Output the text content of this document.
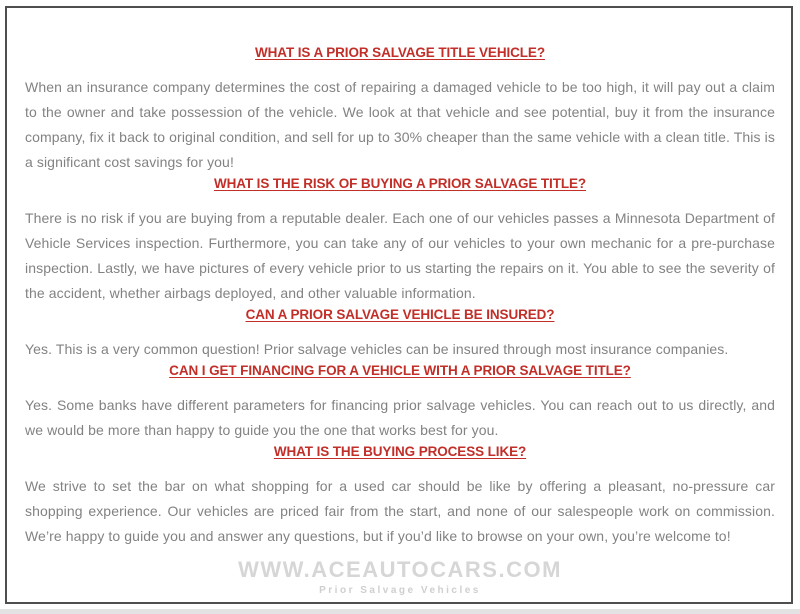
WHAT IS A PRIOR SALVAGE TITLE VEHICLE?

When an insurance company determines the cost of repairing a damaged vehicle to be too high, it will pay out a claim to the owner and take possession of the vehicle. We look at that vehicle and see potential, buy it from the insurance company, fix it back to original condition, and sell for up to 30% cheaper than the same vehicle with a clean title. This is a significant cost savings for you!

WHAT IS THE RISK OF BUYING A PRIOR SALVAGE TITLE?

There is no risk if you are buying from a reputable dealer. Each one of our vehicles passes a Minnesota Department of Vehicle Services inspection. Furthermore, you can take any of our vehicles to your own mechanic for a pre-purchase inspection. Lastly, we have pictures of every vehicle prior to us starting the repairs on it. You able to see the severity of the accident, whether airbags deployed, and other valuable information.

CAN A PRIOR SALVAGE VEHICLE BE INSURED?

Yes. This is a very common question! Prior salvage vehicles can be insured through most insurance companies.

CAN I GET FINANCING FOR A VEHICLE WITH A PRIOR SALVAGE TITLE?

Yes. Some banks have different parameters for financing prior salvage vehicles. You can reach out to us directly, and we would be more than happy to guide you the one that works best for you.

WHAT IS THE BUYING PROCESS LIKE?

We strive to set the bar on what shopping for a used car should be like by offering a pleasant, no-pressure car shopping experience. Our vehicles are priced fair from the start, and none of our salespeople work on commission. We’re happy to guide you and answer any questions, but if you’d like to browse on your own, you’re welcome to!

WWW.ACEAUTOCARS.COM
Prior Salvage Vehicles
